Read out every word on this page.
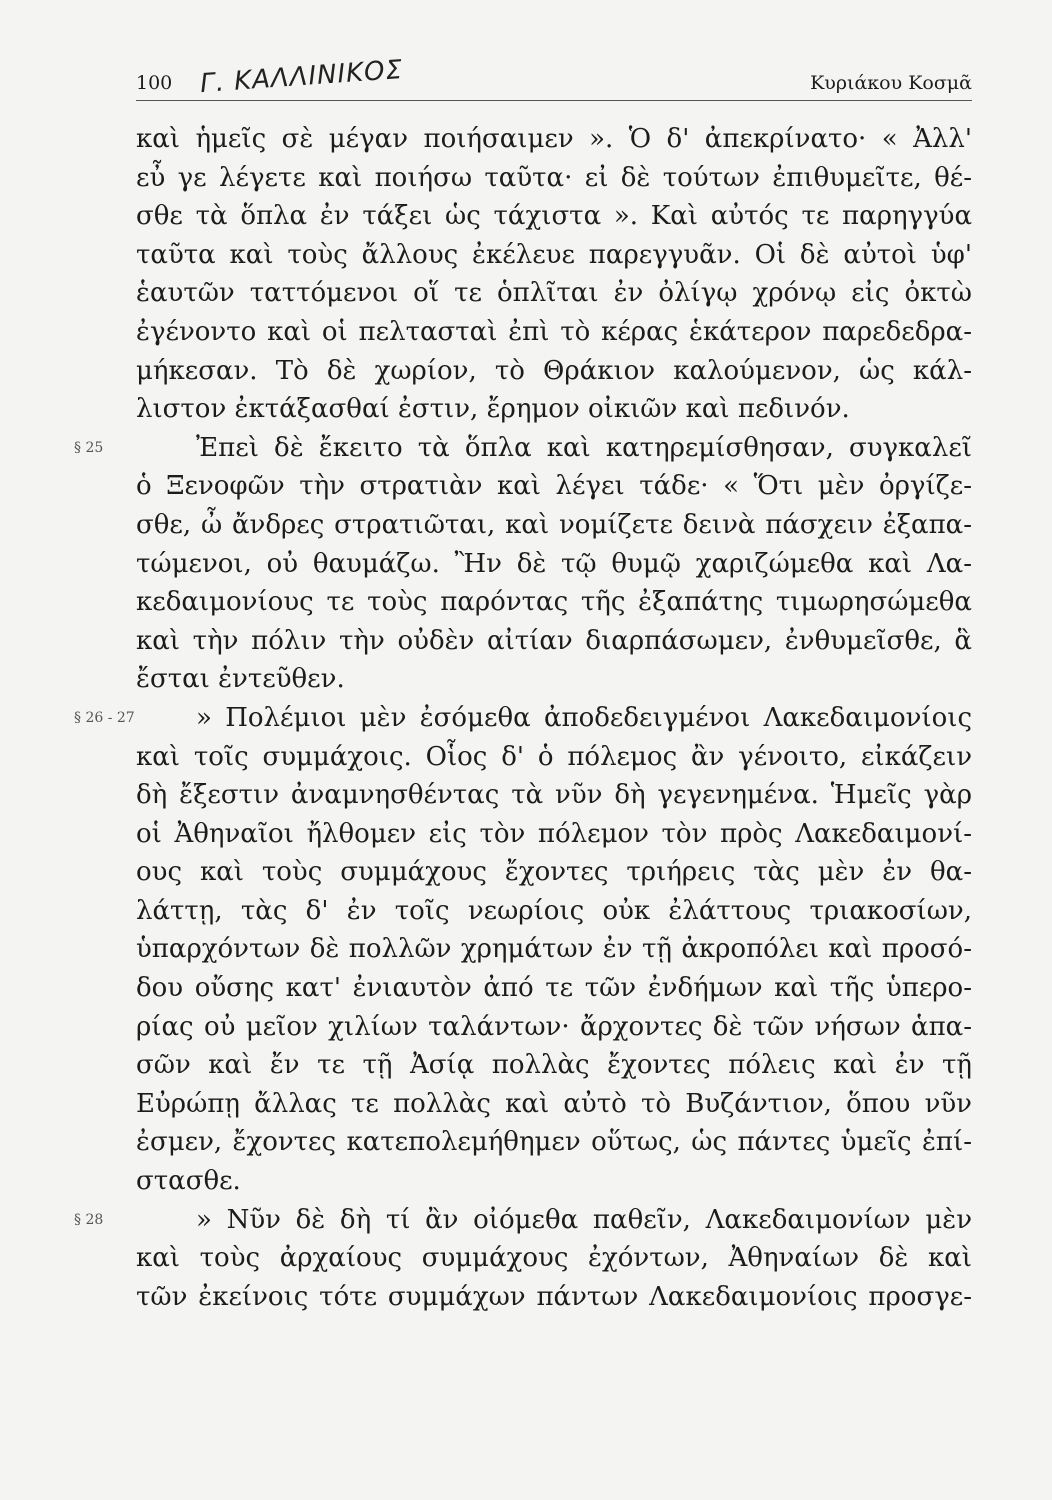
100 Γ. ΚΑΛΛΙΝΙΚΟΣ	Κυριάκου Κοσμᾶ
καὶ ἡμεῖς σὲ μέγαν ποιήσαιμεν ». Ὁ δ' ἀπεκρίνατο· « Ἀλλ'
εὖ γε λέγετε καὶ ποιήσω ταῦτα· εἰ δὲ τούτων ἐπιθυμεῖτε, θέ-
σθε τὰ ὅπλα ἐν τάξει ὡς τάχιστα ». Καὶ αὐτός τε παρηγγύα
ταῦτα καὶ τοὺς ἄλλους ἐκέλευε παρεγγυᾶν. Οἱ δὲ αὐτοὶ ὑφ'
ἑαυτῶν ταττόμενοι οἵ τε ὁπλῖται ἐν ὀλίγῳ χρόνῳ εἰς ὀκτὼ
ἐγένοντο καὶ οἱ πελτασταὶ ἐπὶ τὸ κέρας ἑκάτερον παρεδεδρα-
μήκεσαν. Τὸ δὲ χωρίον, τὸ Θράκιον καλούμενον, ὡς κάλ-
λιστον ἐκτάξασθαί ἐστιν, ἔρημον οἰκιῶν καὶ πεδινόν.
§ 25	Ἐπεὶ δὲ ἔκειτο τὰ ὅπλα καὶ κατηρεμίσθησαν, συγκαλεῖ
ὁ Ξενοφῶν τὴν στρατιὰν καὶ λέγει τάδε· « Ὅτι μὲν ὀργίζε-
σθε, ὦ ἄνδρες στρατιῶται, καὶ νομίζετε δεινὰ πάσχειν ἐξαπα-
τώμενοι, οὐ θαυμάζω. Ἢν δὲ τῷ θυμῷ χαριζώμεθα καὶ Λα-
κεδαιμονίους τε τοὺς παρόντας τῆς ἐξαπάτης τιμωρησώμεθα
καὶ τὴν πόλιν τὴν οὐδὲν αἰτίαν διαρπάσωμεν, ἐνθυμεῖσθε, ἃ
ἔσται ἐντεῦθεν.
§ 26 - 27 » Πολέμιοι μὲν ἐσόμεθα ἀποδεδειγμένοι Λακεδαιμονίοις
καὶ τοῖς συμμάχοις. Οἷος δ' ὁ πόλεμος ἂν γένοιτο, εἰκάζειν
δὴ ἔξεστιν ἀναμνησθέντας τὰ νῦν δὴ γεγενημένα. Ἡμεῖς γὰρ
οἱ Ἀθηναῖοι ἤλθομεν εἰς τὸν πόλεμον τὸν πρὸς Λακεδαιμονί-
ους καὶ τοὺς συμμάχους ἔχοντες τριήρεις τὰς μὲν ἐν θα-
λάττῃ, τὰς δ' ἐν τοῖς νεωρίοις οὐκ ἐλάττους τριακοσίων,
ὑπαρχόντων δὲ πολλῶν χρημάτων ἐν τῇ ἀκροπόλει καὶ προσό-
δου οὔσης κατ' ἐνιαυτὸν ἀπό τε τῶν ἐνδήμων καὶ τῆς ὑπερο-
ρίας οὐ μεῖον χιλίων ταλάντων· ἄρχοντες δὲ τῶν νήσων ἁπα-
σῶν καὶ ἔν τε τῇ Ἀσίᾳ πολλὰς ἔχοντες πόλεις καὶ ἐν τῇ
Εὐρώπῃ ἄλλας τε πολλὰς καὶ αὐτὸ τὸ Βυζάντιον, ὅπου νῦν
ἐσμεν, ἔχοντες κατεπολεμήθημεν οὕτως, ὡς πάντες ὑμεῖς ἐπί-
στασθε.
§ 28	» Νῦν δὲ δὴ τί ἂν οἰόμεθα παθεῖν, Λακεδαιμονίων μὲν
καὶ τοὺς ἀρχαίους συμμάχους ἐχόντων, Ἀθηναίων δὲ καὶ
τῶν ἐκείνοις τότε συμμάχων πάντων Λακεδαιμονίοις προσγε-
